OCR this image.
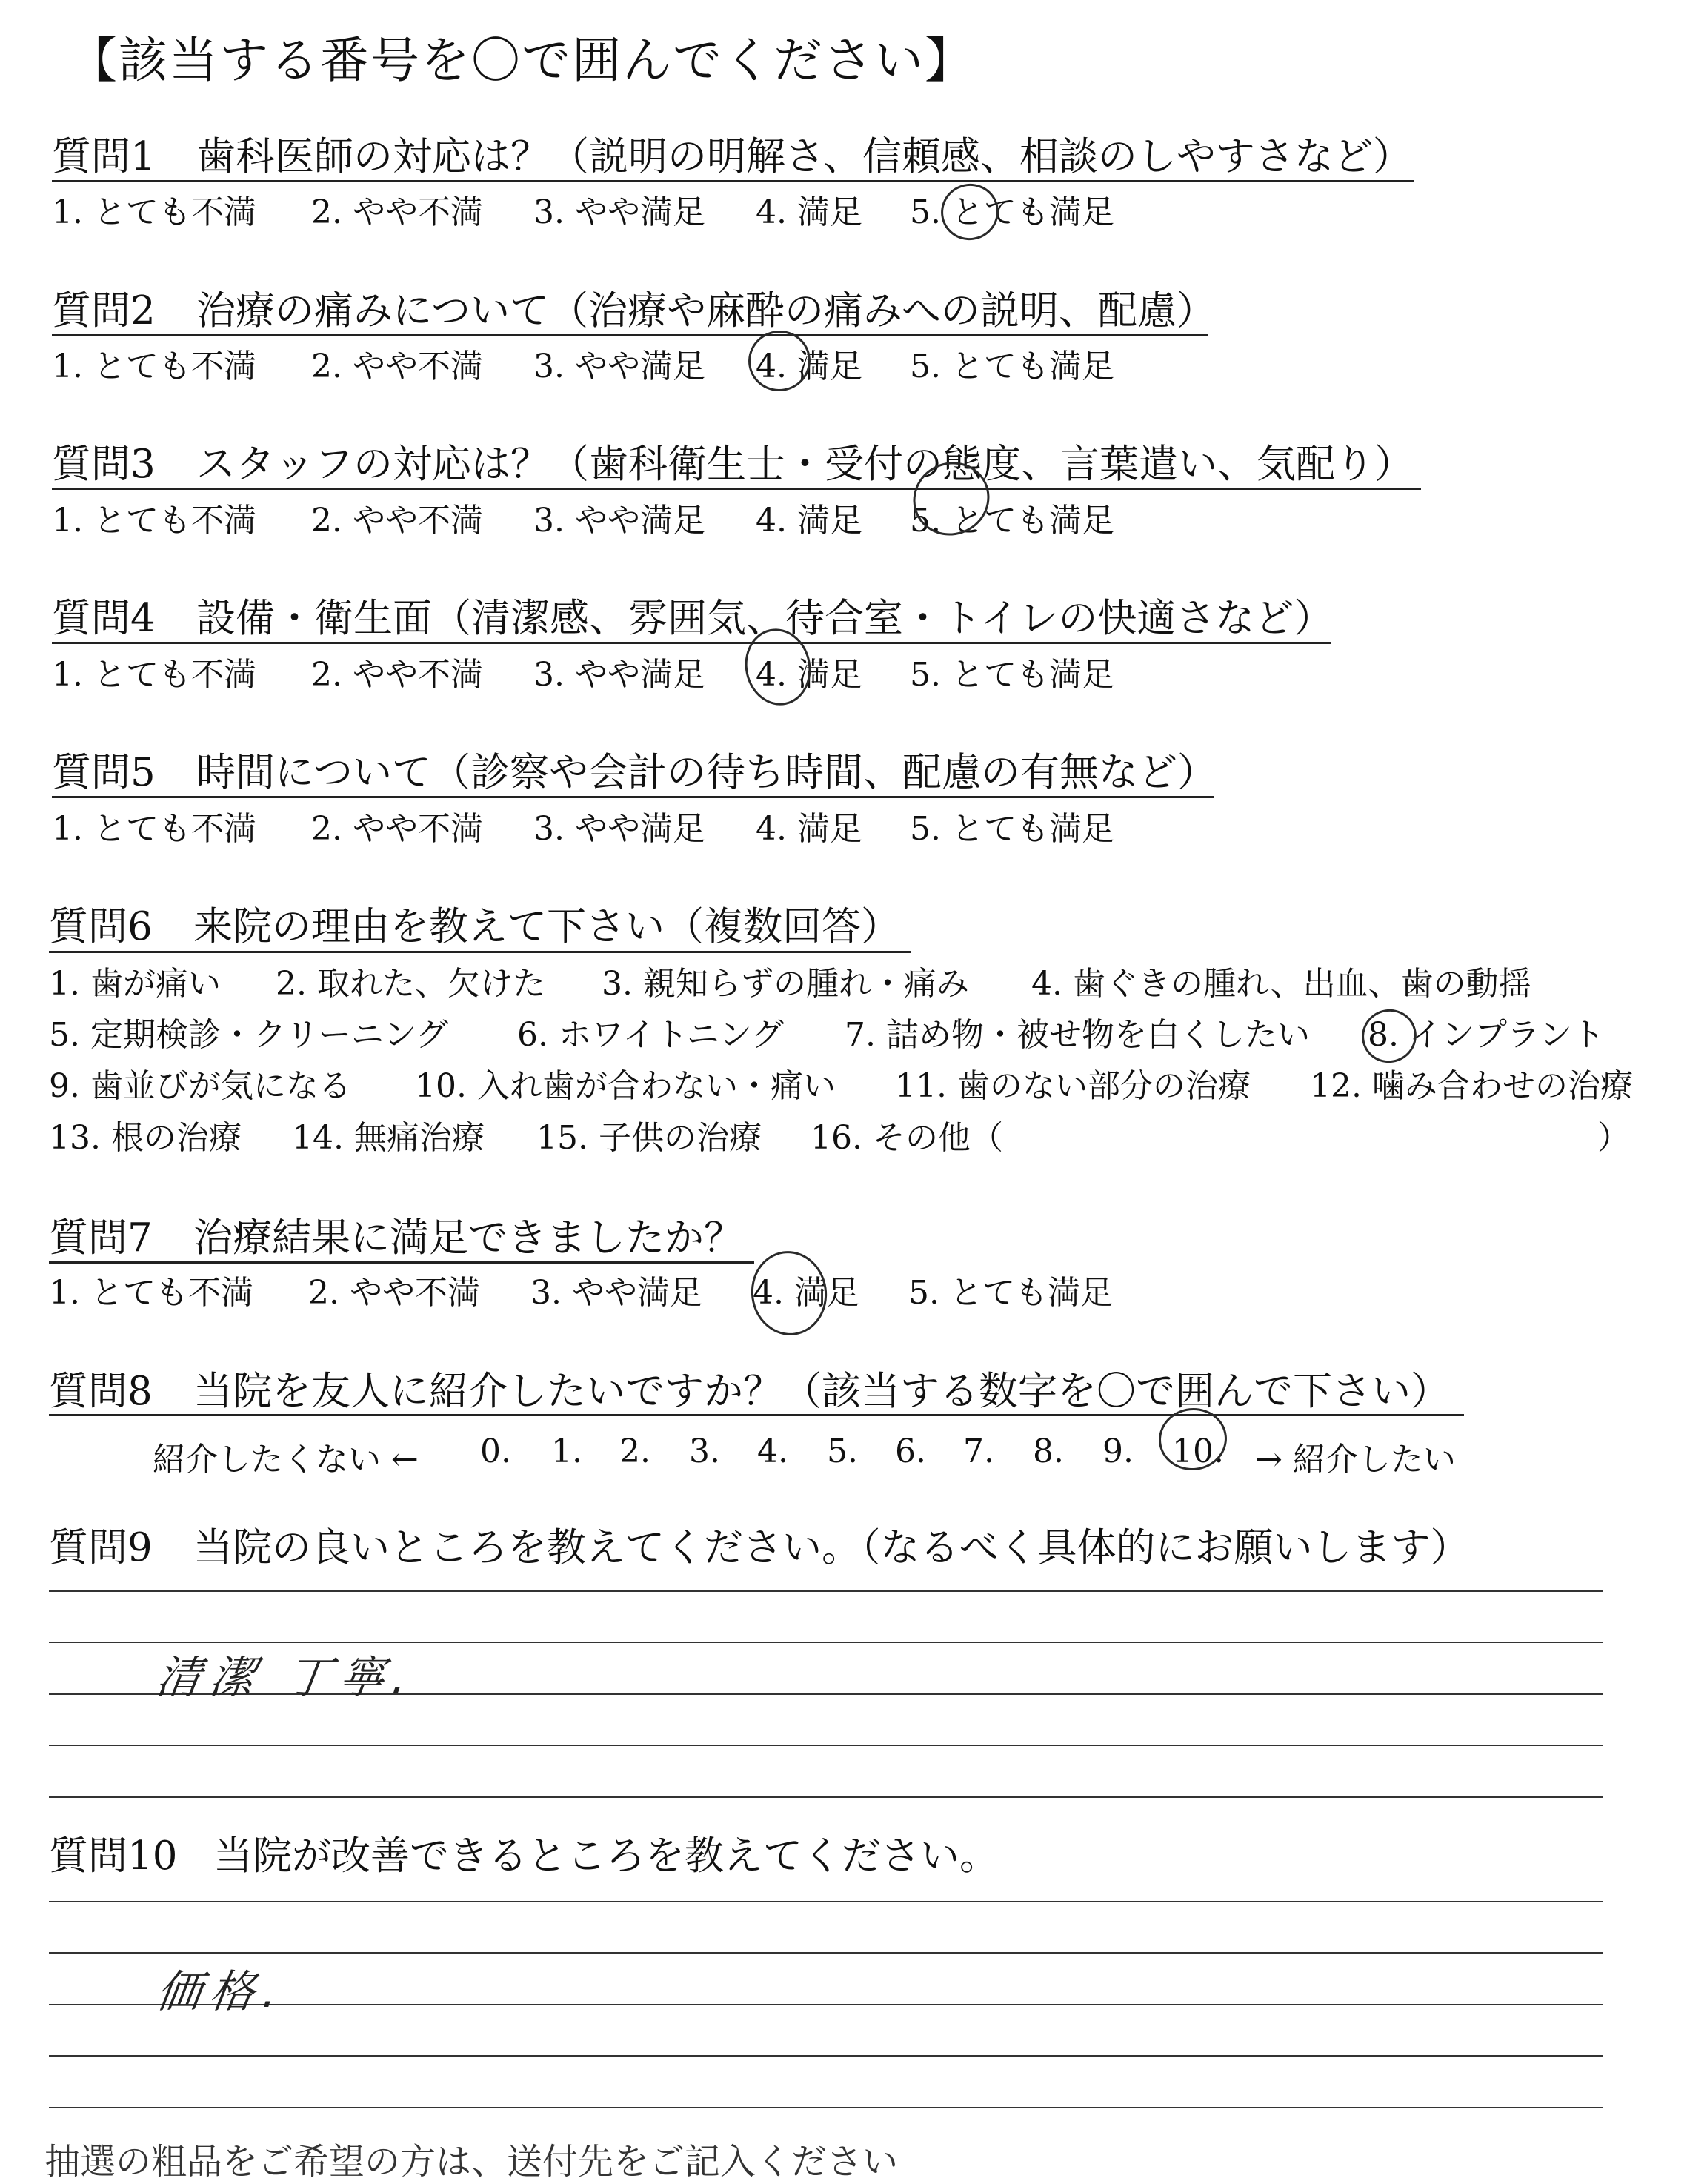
【該当する番号を〇で囲んでください】
質問1 歯科医師の対応は？（説明の明解さ、信頼感、相談のしやすさなど）
1. とても不満 2. やや不満 3. やや満足 4. 満足 5. とても満足
質問2 治療の痛みについて（治療や麻酔の痛みへの説明、配慮）
1. とても不満 2. やや不満 3. やや満足 4. 満足 5. とても満足
質問3 スタッフの対応は？（歯科衛生士・受付の態度、言葉遣い、気配り）
1. とても不満 2. やや不満 3. やや満足 4. 満足 5. とても満足
質問4 設備・衛生面（清潔感、雰囲気、待合室・トイレの快適さなど）
1. とても不満 2. やや不満 3. やや満足 4. 満足 5. とても満足
質問5 時間について（診察や会計の待ち時間、配慮の有無など）
1. とても不満 2. やや不満 3. やや満足 4. 満足 5. とても満足
質問6 来院の理由を教えて下さい（複数回答）
1. 歯が痛い 2. 取れた、欠けた 3. 親知らずの腫れ・痛み 4. 歯ぐきの腫れ、出血、歯の動揺
5. 定期検診・クリーニング 6. ホワイトニング 7. 詰め物・被せ物を白くしたい 8. インプラント
9. 歯並びが気になる 10. 入れ歯が合わない・痛い 11. 歯のない部分の治療 12. 噛み合わせの治療
13. 根の治療 14. 無痛治療 15. 子供の治療 16. その他（	）
質問7 治療結果に満足できましたか？
1. とても不満 2. やや不満 3. やや満足 4. 満足 5. とても満足
質問8 当院を友人に紹介したいですか？（該当する数字を〇で囲んで下さい）
紹介したくない ← 0. 1. 2. 3. 4. 5. 6. 7. 8. 9. 10. → 紹介したい
質問9 当院の良いところを教えてください。（なるべく具体的にお願いします）
清潔 丁寧.
質問10 当院が改善できるところを教えてください。
価格.
抽選の粗品をご希望の方は、送付先をご記入ください
